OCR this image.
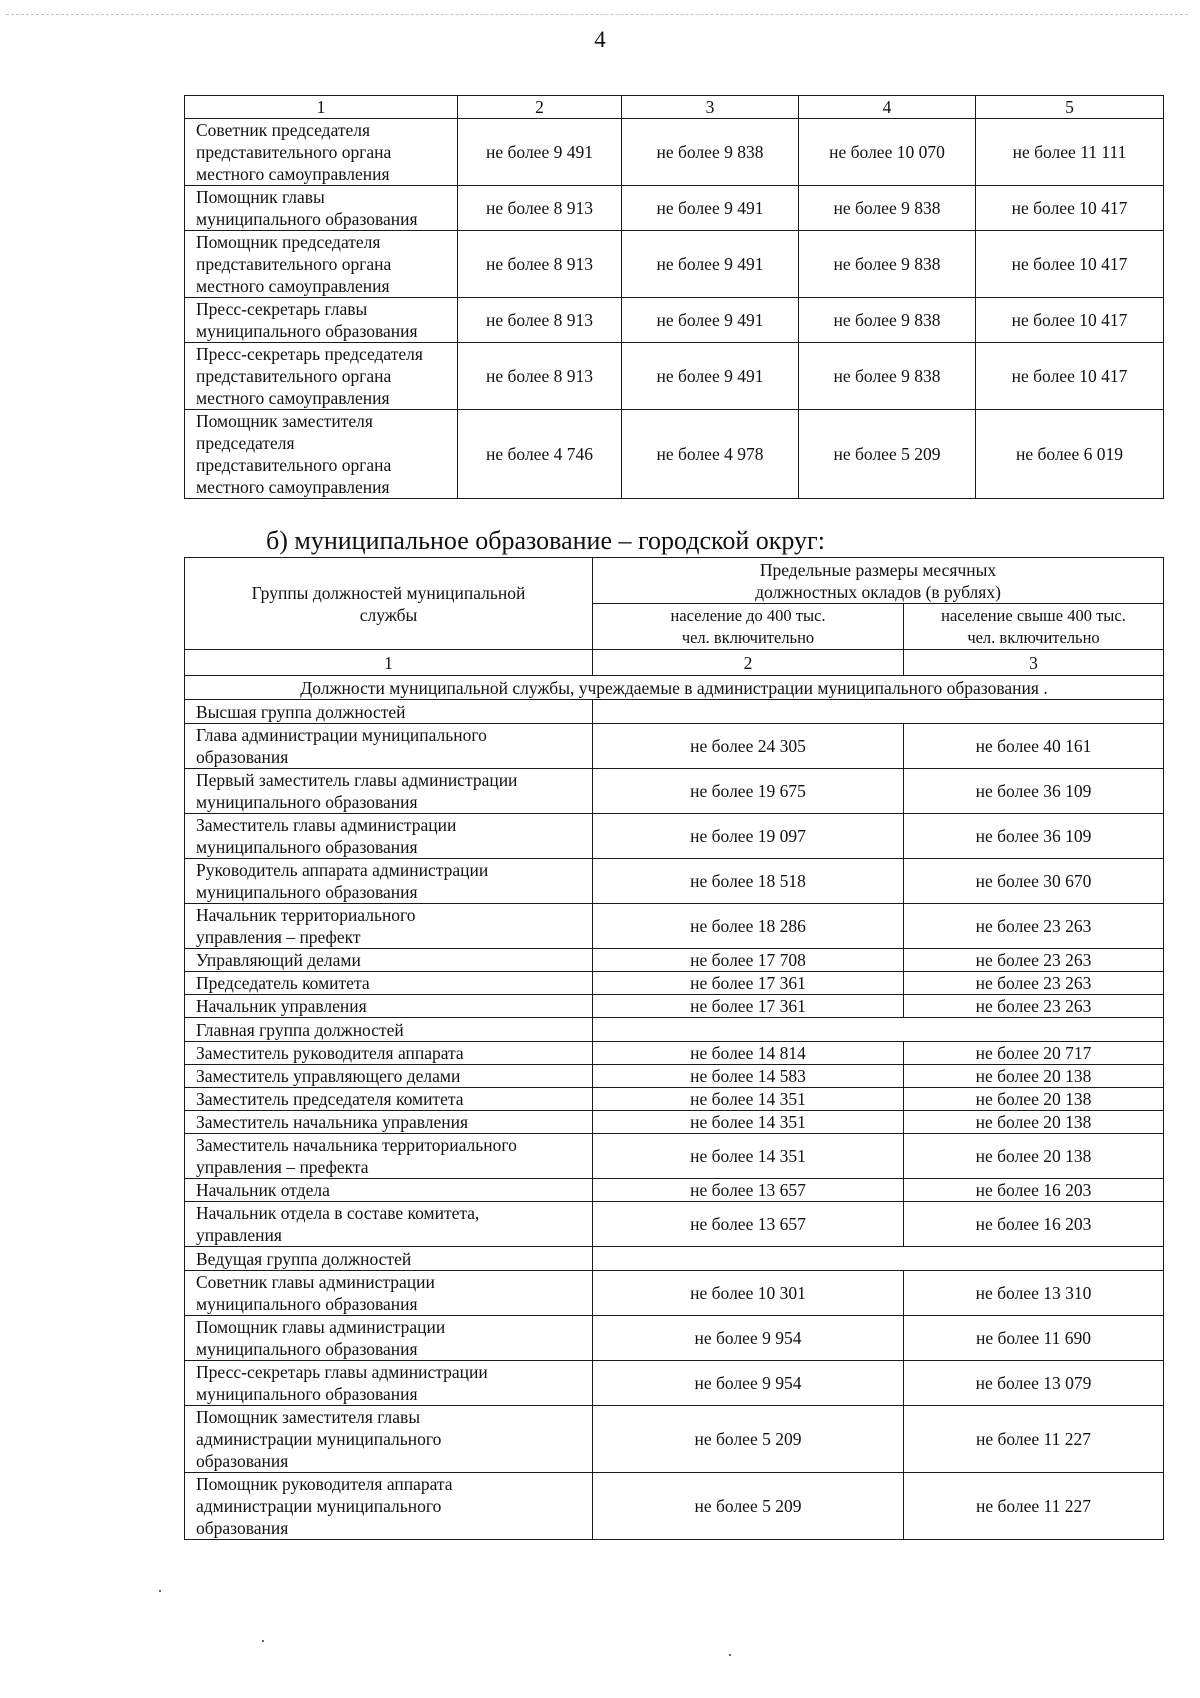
4
1	2	3	4	5
Советник председателя
представительного органа
местного самоуправления	не более 9 491	не более 9 838	не более 10 070	не более 11 111
Помощник главы
муниципального образования	не более 8 913	не более 9 491	не более 9 838	не более 10 417
Помощник председателя
представительного органа
местного самоуправления	не более 8 913	не более 9 491	не более 9 838	не более 10 417
Пресс-секретарь главы
муниципального образования	не более 8 913	не более 9 491	не более 9 838	не более 10 417
Пресс-секретарь председателя
представительного органа
местного самоуправления	не более 8 913	не более 9 491	не более 9 838	не более 10 417
Помощник заместителя
председателя
представительного органа
местного самоуправления	не более 4 746	не более 4 978	не более 5 209	не более 6 019
б) муниципальное образование – городской округ:
Группы должностей муниципальной
службы	Предельные размеры месячных
должностных окладов (в рублях)	
	население до 400 тыс.
чел. включительно	население свыше 400 тыс.
чел. включительно
1	2	3
Должности муниципальной службы, учреждаемые в администрации муниципального образования .		
Высшая группа должностей		
Глава администрации муниципального
образования	не более 24 305	не более 40 161
Первый заместитель главы администрации
муниципального образования	не более 19 675	не более 36 109
Заместитель главы администрации
муниципального образования	не более 19 097	не более 36 109
Руководитель аппарата администрации
муниципального образования	не более 18 518	не более 30 670
Начальник территориального
управления – префект	не более 18 286	не более 23 263
Управляющий делами	не более 17 708	не более 23 263
Председатель комитета	не более 17 361	не более 23 263
Начальник управления	не более 17 361	не более 23 263
Главная группа должностей		
Заместитель руководителя аппарата	не более 14 814	не более 20 717
Заместитель управляющего делами	не более 14 583	не более 20 138
Заместитель председателя комитета	не более 14 351	не более 20 138
Заместитель начальника управления	не более 14 351	не более 20 138
Заместитель начальника территориального
управления – префекта	не более 14 351	не более 20 138
Начальник отдела	не более 13 657	не более 16 203
Начальник отдела в составе комитета,
управления	не более 13 657	не более 16 203
Ведущая группа должностей		
Советник главы администрации
муниципального образования	не более 10 301	не более 13 310
Помощник главы администрации
муниципального образования	не более 9 954	не более 11 690
Пресс-секретарь главы администрации
муниципального образования	не более 9 954	не более 13 079
Помощник заместителя главы
администрации муниципального
образования	не более 5 209	не более 11 227
Помощник руководителя аппарата
администрации муниципального
образования	не более 5 209	не более 11 227
